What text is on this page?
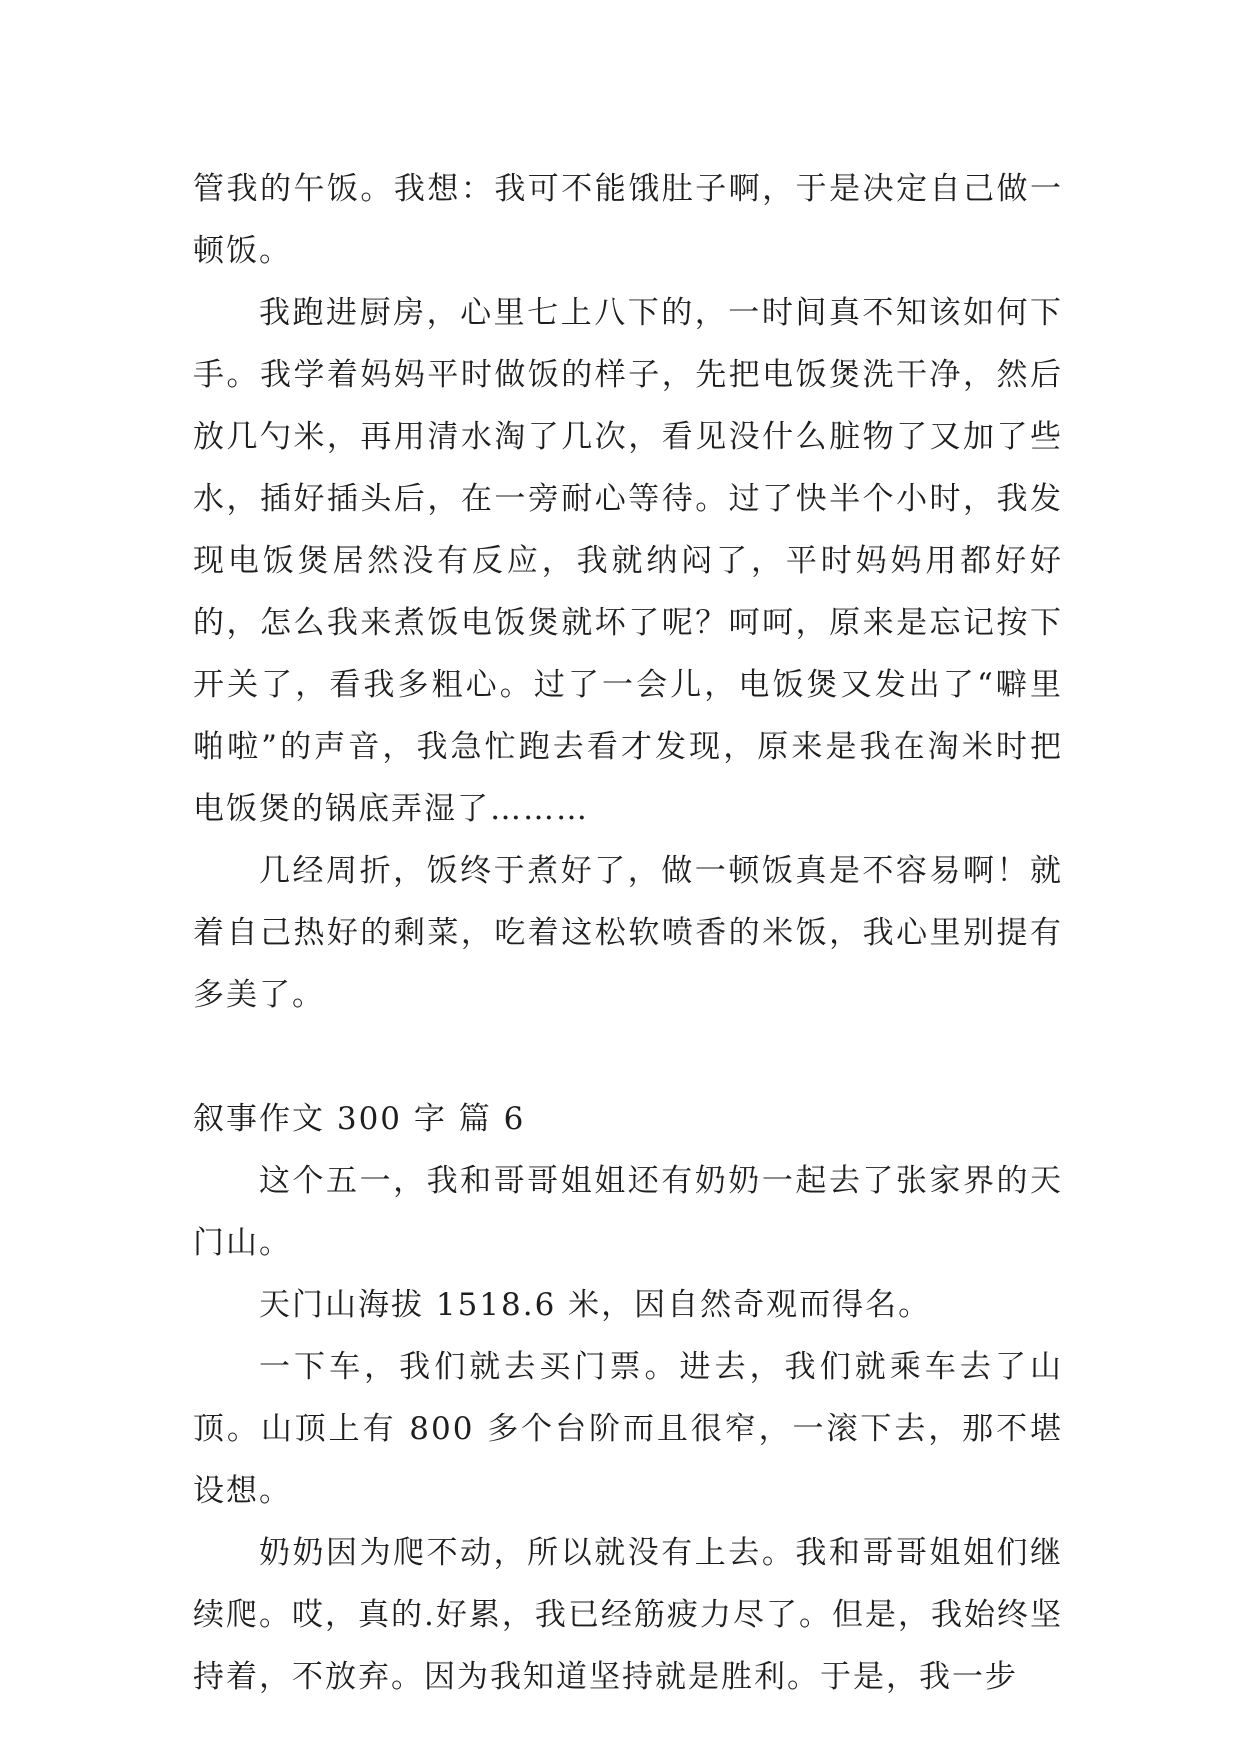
管我的午饭。我想：我可不能饿肚子啊，于是决定自己做一顿饭。

我跑进厨房，心里七上八下的，一时间真不知该如何下手。我学着妈妈平时做饭的样子，先把电饭煲洗干净，然后放几勺米，再用清水淘了几次，看见没什么脏物了又加了些水，插好插头后，在一旁耐心等待。过了快半个小时，我发现电饭煲居然没有反应，我就纳闷了，平时妈妈用都好好的，怎么我来煮饭电饭煲就坏了呢？呵呵，原来是忘记按下开关了，看我多粗心。过了一会儿，电饭煲又发出了“噼里啪啦”的声音，我急忙跑去看才发现，原来是我在淘米时把电饭煲的锅底弄湿了………

几经周折，饭终于煮好了，做一顿饭真是不容易啊！就着自己热好的剩菜，吃着这松软喷香的米饭，我心里别提有多美了。

叙事作文 300 字 篇 6

这个五一，我和哥哥姐姐还有奶奶一起去了张家界的天门山。

天门山海拔 1518.6 米，因自然奇观而得名。

一下车，我们就去买门票。进去，我们就乘车去了山顶。山顶上有 800 多个台阶而且很窄，一滚下去，那不堪设想。

奶奶因为爬不动，所以就没有上去。我和哥哥姐姐们继续爬。哎，真的.好累，我已经筋疲力尽了。但是，我始终坚持着，不放弃。因为我知道坚持就是胜利。于是，我一步
